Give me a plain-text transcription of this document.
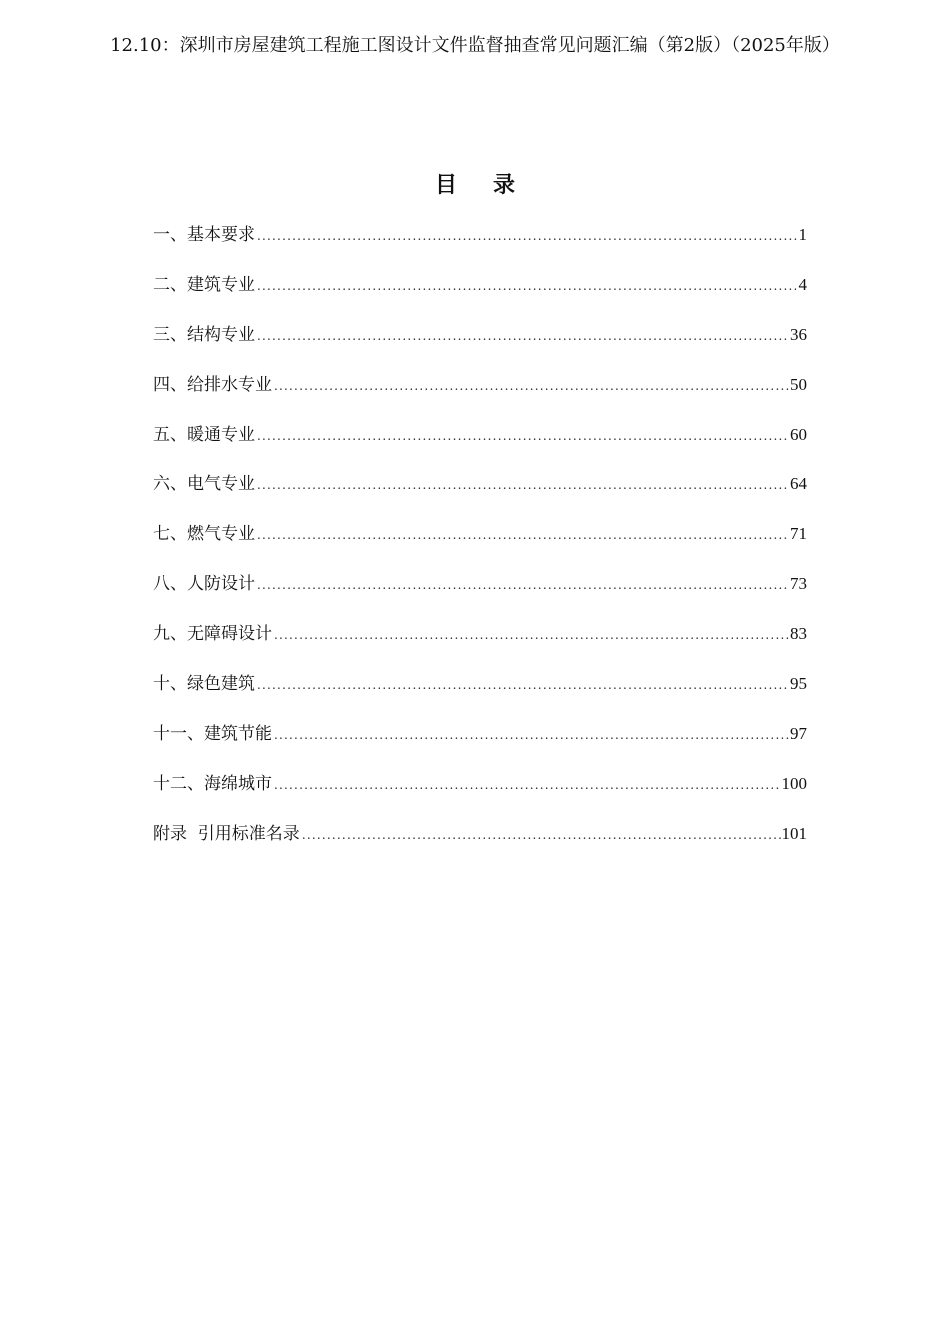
12.10：深圳市房屋建筑工程施工图设计文件监督抽查常见问题汇编（第2版）（2025年版）
目 录
一、基本要求 .....	1
二、建筑专业 .....	4
三、结构专业 .....	36
四、给排水专业 .....	50
五、暖通专业 .....	60
六、电气专业 .....	64
七、燃气专业 .....	71
八、人防设计 .....	73
九、无障碍设计 .....	83
十、绿色建筑 .....	95
十一、建筑节能 .....	97
十二、海绵城市 .....	100
附录  引用标准名录 .....	101
